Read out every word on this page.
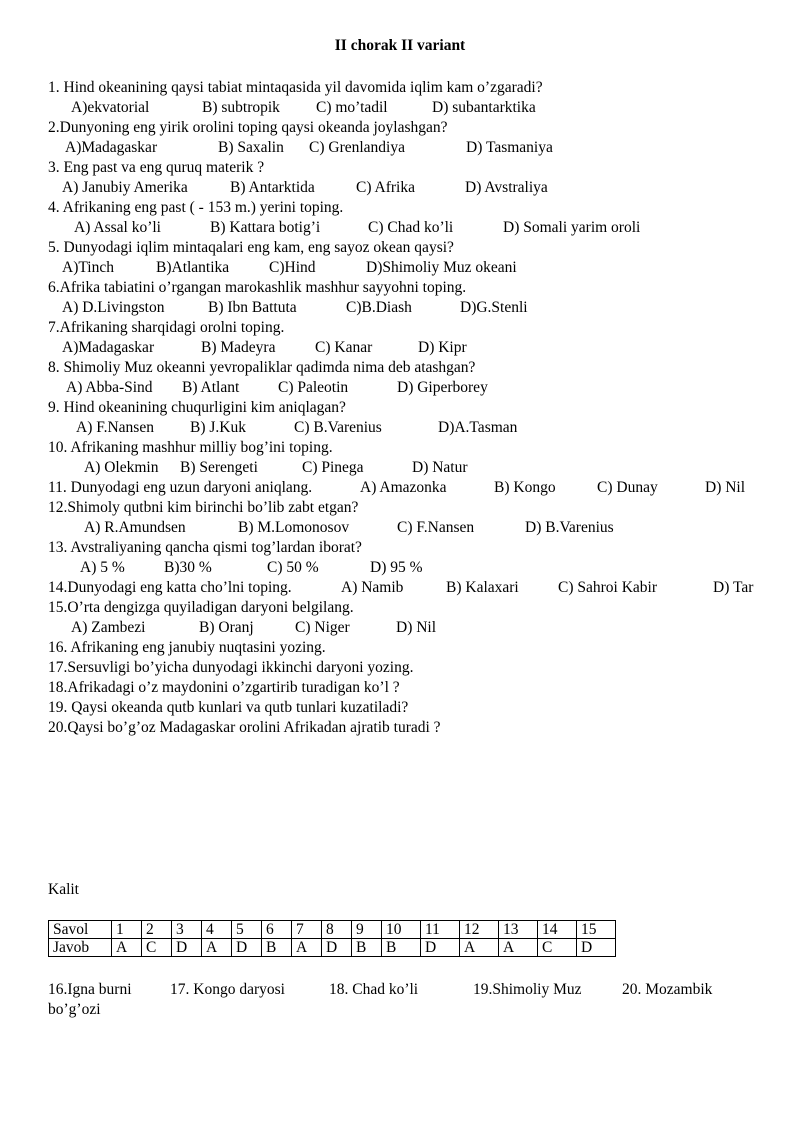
II chorak II variant
1. Hind okeanining qaysi tabiat mintaqasida yil davomida iqlim kam o’zgaradi?
A)ekvatorial	B) subtropik C) mo’tadil	D) subantarktika
2.Dunyoning eng yirik orolini toping qaysi okeanda joylashgan?
A)Madagaskar	B) Saxalin C) Grenlandiya	D) Tasmaniya
3. Eng past va eng quruq materik ?
A) Janubiy Amerika	B) Antarktida	C) Afrika	D) Avstraliya
4. Afrikaning eng past ( - 153 m.) yerini toping.
A) Assal ko’li	B) Kattara botig’i	C) Chad ko’li	D) Somali yarim oroli
5. Dunyodagi iqlim mintaqalari eng kam, eng sayoz okean qaysi?
A)Tinch	B)Atlantika	C)Hind	D)Shimoliy Muz okeani
6.Afrika tabiatini o’rgangan marokashlik mashhur sayyohni toping.
A) D.Livingston	B) Ibn Battuta	C)B.Diash	D)G.Stenli
7.Afrikaning sharqidagi orolni toping.
A)Madagaskar	B) Madeyra	C) Kanar	D) Kipr
8. Shimoliy Muz okeanni yevropaliklar qadimda nima deb atashgan?
A) Abba-Sind B) Atlant C) Paleotin	D) Giperborey
9. Hind okeanining chuqurligini kim aniqlagan?
A) F.Nansen B) J.Kuk	C) B.Varenius	D)A.Tasman
10. Afrikaning mashhur milliy bog’ini toping.
A) Olekmin B) Serengeti	C) Pinega	D) Natur
11. Dunyodagi eng uzun daryoni aniqlang.	A) Amazonka	B) Kongo	C) Dunay	D) Nil
12.Shimoly qutbni kim birinchi bo’lib zabt etgan?
A) R.Amundsen	B) M.Lomonosov	C) F.Nansen	D) B.Varenius
13. Avstraliyaning qancha qismi tog’lardan iborat?
A) 5 %	B)30 %	C) 50 %	D) 95 %
14.Dunyodagi eng katta cho’lni toping.	A) Namib	B) Kalaxari	C) Sahroi Kabir	D) Tar
15.O’rta dengizga quyiladigan daryoni belgilang.
A) Zambezi	B) Oranj	C) Niger	D) Nil
16. Afrikaning eng janubiy nuqtasini yozing.
17.Sersuvligi bo’yicha dunyodagi ikkinchi daryoni yozing.
18.Afrikadagi o’z maydonini o’zgartirib turadigan ko’l ?
19. Qaysi okeanda qutb kunlari va qutb tunlari kuzatiladi?
20.Qaysi bo’g’oz Madagaskar orolini Afrikadan ajratib turadi ?
Kalit
Savol	1	2	3	4	5	6	7	8	9	10	11	12	13	14	15
Javob	A	C	D	A	D	B	A	D	B	B	D	A	A	C	D
16.Igna burni 17. Kongo daryosi	18. Chad ko’li	19.Shimoliy Muz	20. Mozambik
bo’g’ozi
